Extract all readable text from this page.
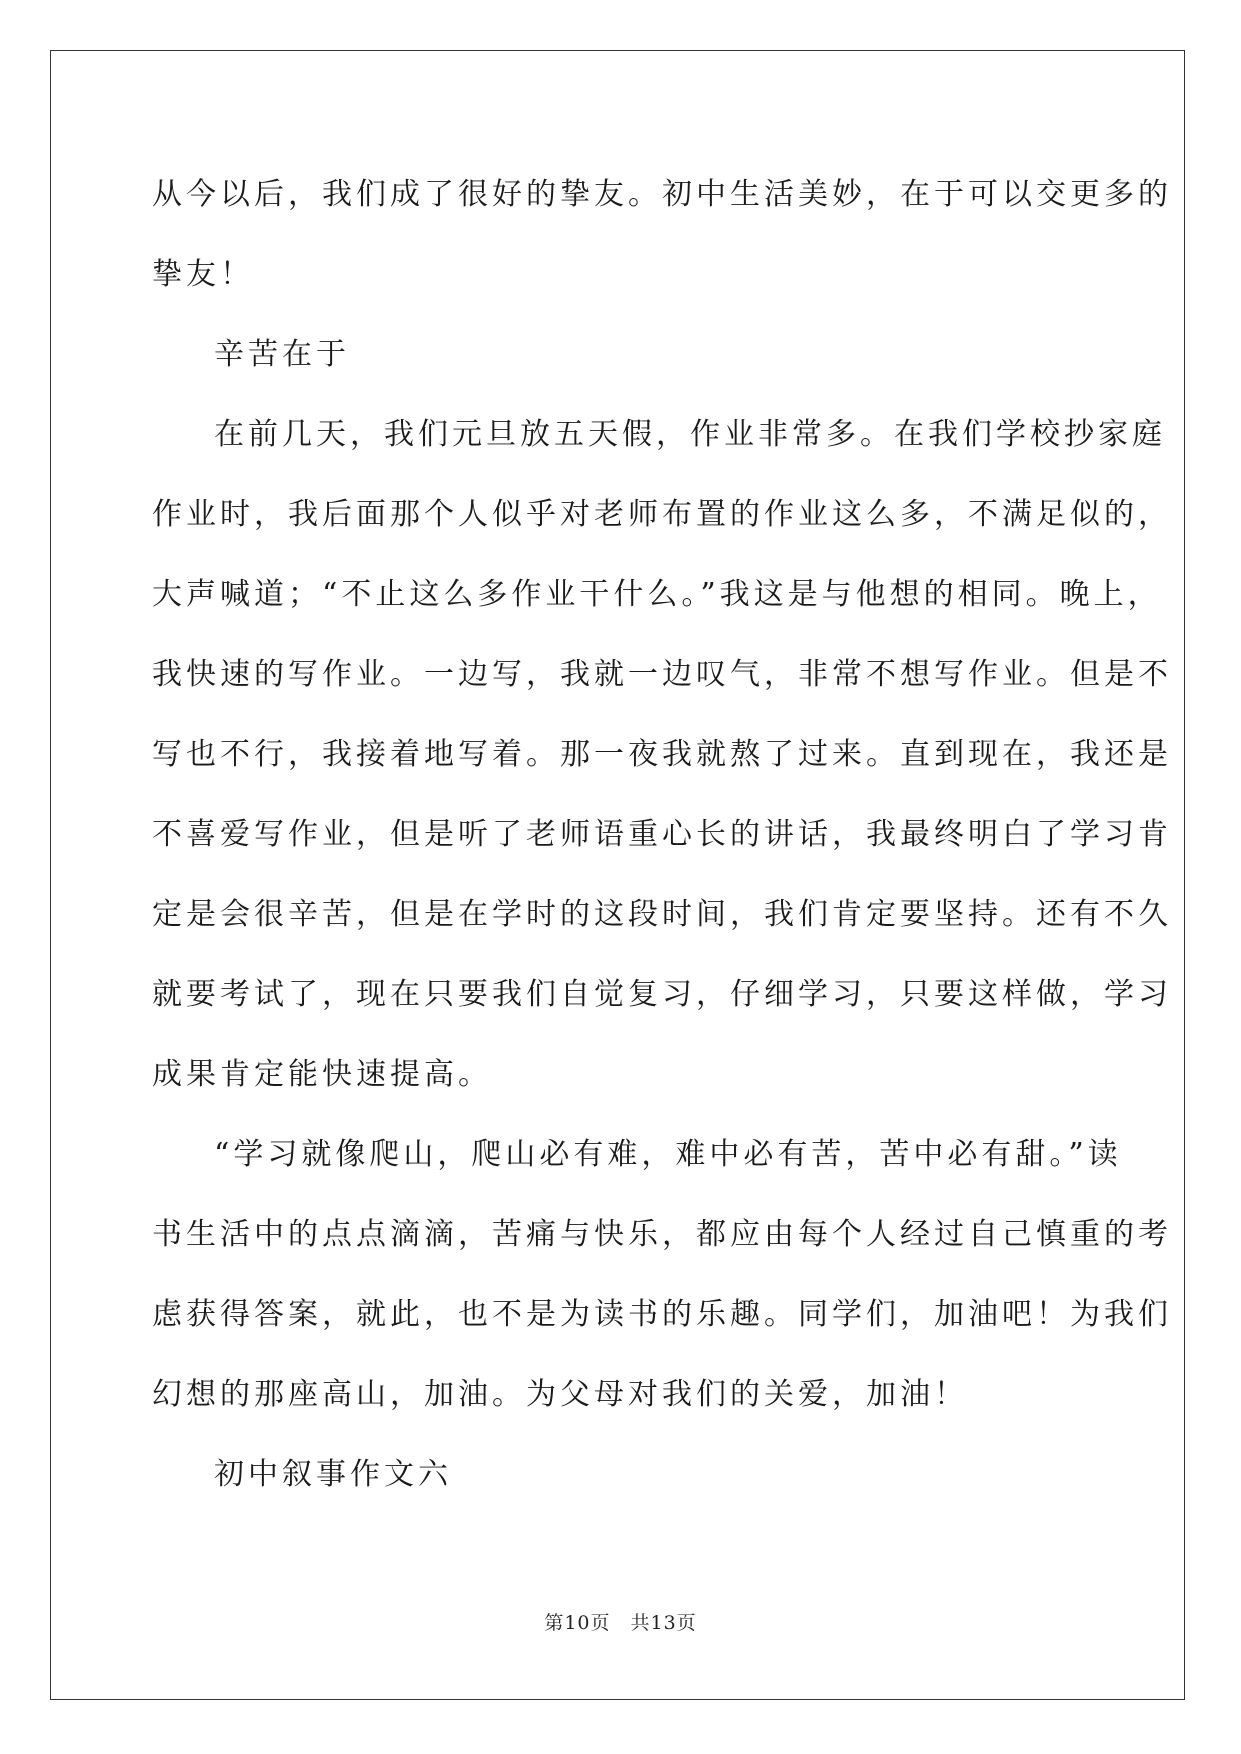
从今以后，我们成了很好的挚友。初中生活美妙，在于可以交更多的
挚友！
辛苦在于
在前几天，我们元旦放五天假，作业非常多。在我们学校抄家庭
作业时，我后面那个人似乎对老师布置的作业这么多，不满足似的，
大声喊道；“不止这么多作业干什么。”我这是与他想的相同。晚上，
我快速的写作业。一边写，我就一边叹气，非常不想写作业。但是不
写也不行，我接着地写着。那一夜我就熬了过来。直到现在，我还是
不喜爱写作业，但是听了老师语重心长的讲话，我最终明白了学习肯
定是会很辛苦，但是在学时的这段时间，我们肯定要坚持。还有不久
就要考试了，现在只要我们自觉复习，仔细学习，只要这样做，学习
成果肯定能快速提高。
“学习就像爬山，爬山必有难，难中必有苦，苦中必有甜。”读
书生活中的点点滴滴，苦痛与快乐，都应由每个人经过自己慎重的考
虑获得答案，就此，也不是为读书的乐趣。同学们，加油吧！为我们
幻想的那座高山，加油。为父母对我们的关爱，加油！
初中叙事作文六
第10页　共13页
